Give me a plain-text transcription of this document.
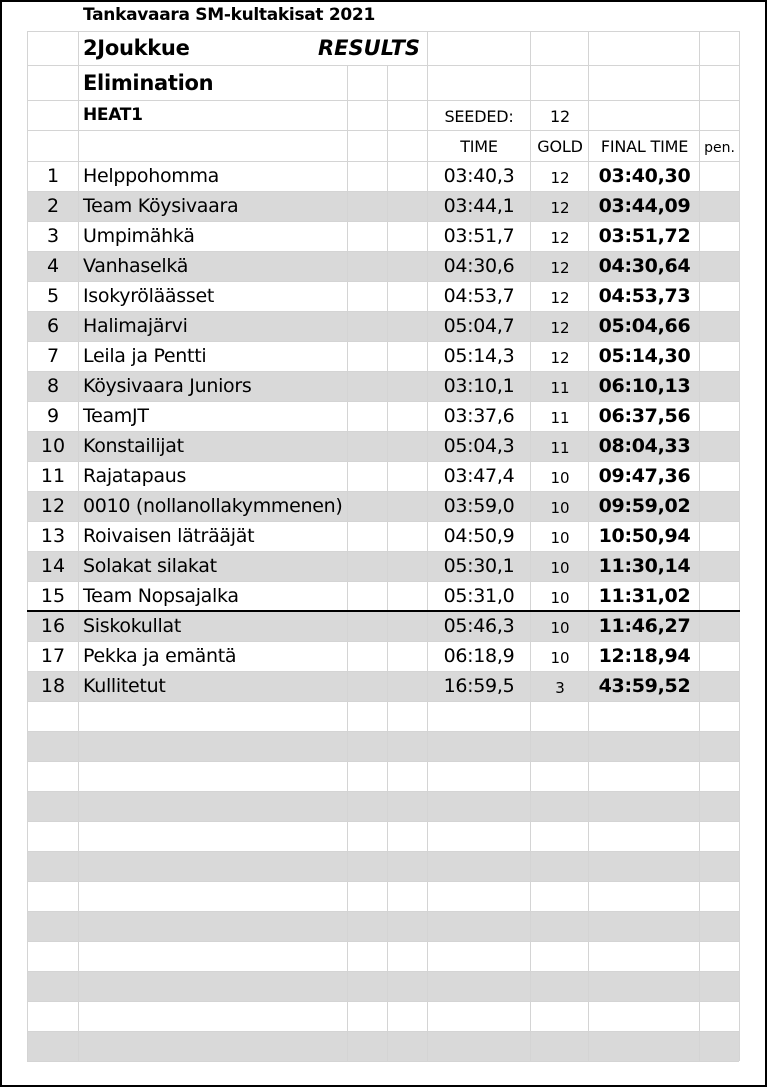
Tankavaara SM-kultakisat 2021
2Joukkue	RESULTS
Elimination
HEAT1	SEEDED:	12
TIME	GOLD	FINAL TIME	pen.
1	Helppohomma	03:40,3	12	03:40,30
2	Team Köysivaara	03:44,1	12	03:44,09
3	Umpimähkä	03:51,7	12	03:51,72
4	Vanhaselkä	04:30,6	12	04:30,64
5	Isokyröläässet	04:53,7	12	04:53,73
6	Halimajärvi	05:04,7	12	05:04,66
7	Leila ja Pentti	05:14,3	12	05:14,30
8	Köysivaara Juniors	03:10,1	11	06:10,13
9	TeamJT	03:37,6	11	06:37,56
10 Konstailijat	05:04,3	11	08:04,33
11 Rajatapaus	03:47,4	10	09:47,36
12 0010 (nollanollakymmenen)	03:59,0	10	09:59,02
13 Roivaisen läträäjät	04:50,9	10	10:50,94
14 Solakat silakat	05:30,1	10	11:30,14
15 Team Nopsajalka	05:31,0	10	11:31,02
16 Siskokullat	05:46,3	10	11:46,27
17 Pekka ja emäntä	06:18,9	10	12:18,94
18 Kullitetut	16:59,5	3	43:59,52
